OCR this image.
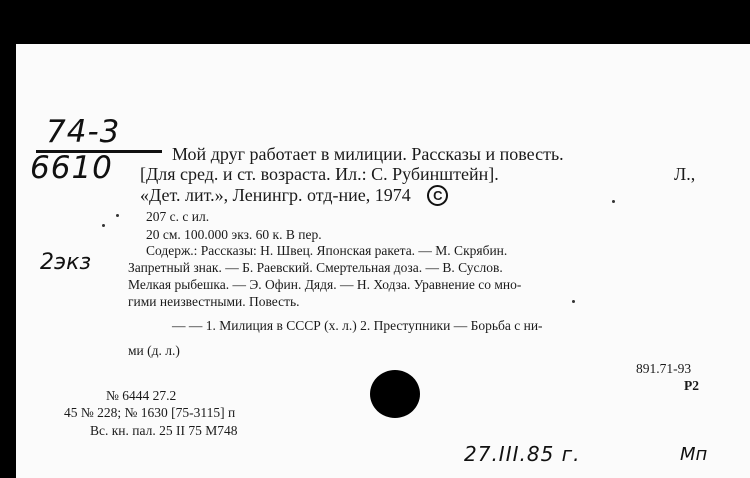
74-3
6610
2экз
Мой друг работает в милиции. Рассказы и повесть.
[Для сред. и ст. возраста. Ил.: С. Рубинштейн].	Л.,
«Дет. лит.», Ленингр. отд-ние, 1974 C
207 с. с ил.
20 см. 100.000 экз. 60 к. В пер.
Содерж.: Рассказы: Н. Швец. Японская ракета. — М. Скрябин.
Запретный знак. — Б. Раевский. Смертельная доза. — В. Суслов.
Мелкая рыбешка. — Э. Офин. Дядя. — Н. Ходза. Уравнение со мно-
гими неизвестными. Повесть.
— — 1. Милиция в СССР (х. л.) 2. Преступники — Борьба с ни-
ми (д. л.)
891.71-93
P2
№ 6444 27.2
45 № 228; № 1630 [75-3115] п
Вс. кн. пал. 25 II 75 М748
27.III.85 г.	Мп
